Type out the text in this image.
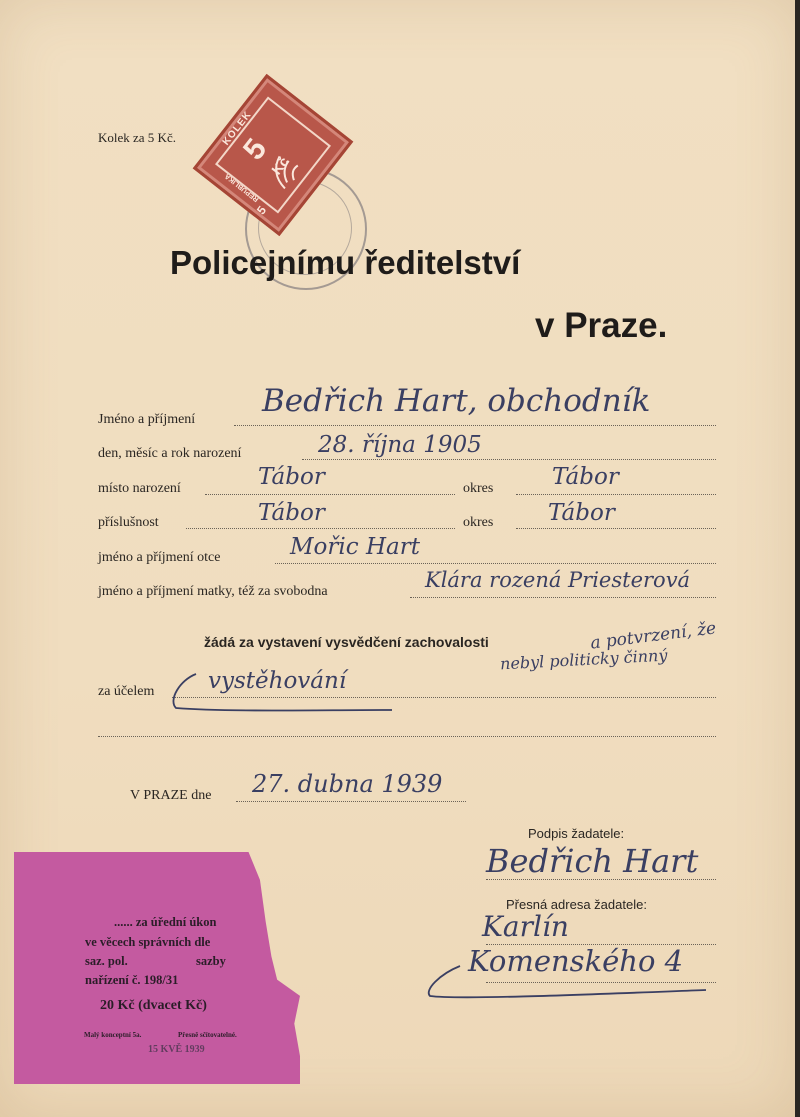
Kolek za 5 Kč.	KOLEK
5
Kč
5
REPUBLIKA
Policejnímu ředitelství
v Praze.
Jméno a příjmení
Bedřich Hart, obchodník
den, měsíc a rok narození	28. října 1905
místo narození	Tábor	okres	Tábor
příslušnost	Tábor	okres Tábor
jméno a příjmení otce	Mořic Hart
jméno a příjmení matky, též za svobodna	Klára rozená Priesterová
žádá za vystavení vysvědčení zachovalosti	a potvrzení, že
nebyl politicky činný
za účelem vystěhování
V PRAZE dne 27. dubna 1939
Podpis žadatele:
Bedřich Hart
Přesná adresa žadatele:
Karlín
Komenského 4
...... za úřední úkon
ve věcech správních dle
saz. pol.	sazby
nařízení č. 198/31
20 Kč (dvacet Kč)
Malý konceptní 5a.	Přesně sčítovatelné.
15 KVĚ 1939
